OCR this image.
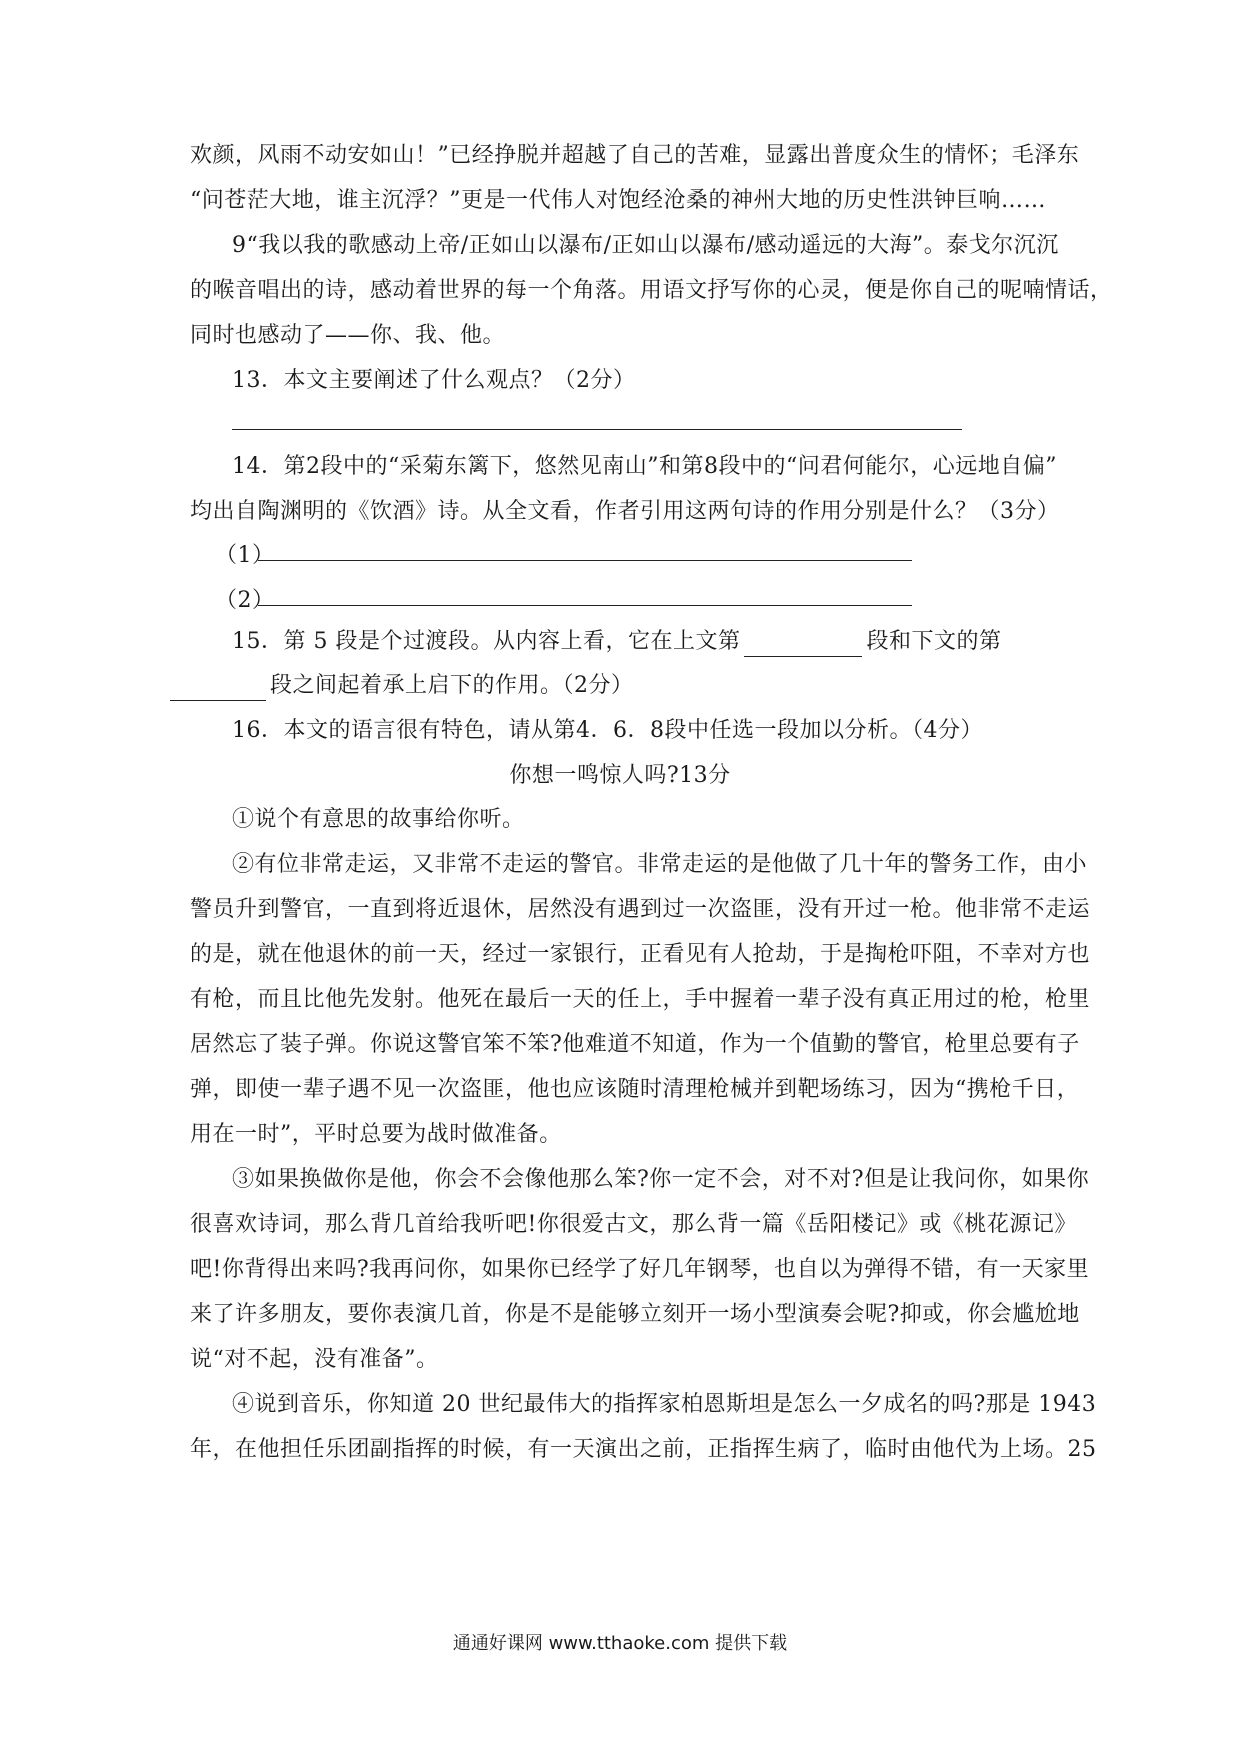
欢颜，风雨不动安如山！”已经挣脱并超越了自己的苦难，显露出普度众生的情怀；毛泽东
“问苍茫大地，谁主沉浮？”更是一代伟人对饱经沧桑的神州大地的历史性洪钟巨响……
9“我以我的歌感动上帝/正如山以瀑布/正如山以瀑布/感动遥远的大海”。泰戈尔沉沉
的喉音唱出的诗，感动着世界的每一个角落。用语文抒写你的心灵，便是你自己的呢喃情话，
同时也感动了——你、我、他。
13．本文主要阐述了什么观点？（2分）
14．第2段中的“采菊东篱下，悠然见南山”和第8段中的“问君何能尔，心远地自偏”
均出自陶渊明的《饮酒》诗。从全文看，作者引用这两句诗的作用分别是什么？（3分）
（1）
（2）
15．第 5 段是个过渡段。从内容上看，它在上文第	段和下文的第
段之间起着承上启下的作用。（2分）
16．本文的语言很有特色，请从第4．6．8段中任选一段加以分析。（4分）
你想一鸣惊人吗?13分
①说个有意思的故事给你听。
②有位非常走运，又非常不走运的警官。非常走运的是他做了几十年的警务工作，由小
警员升到警官，一直到将近退休，居然没有遇到过一次盗匪，没有开过一枪。他非常不走运
的是，就在他退休的前一天，经过一家银行，正看见有人抢劫，于是掏枪吓阻，不幸对方也
有枪，而且比他先发射。他死在最后一天的任上，手中握着一辈子没有真正用过的枪，枪里
居然忘了装子弹。你说这警官笨不笨?他难道不知道，作为一个值勤的警官，枪里总要有子
弹，即使一辈子遇不见一次盗匪，他也应该随时清理枪械并到靶场练习，因为“携枪千日，
用在一时”，平时总要为战时做准备。
③如果换做你是他，你会不会像他那么笨?你一定不会，对不对?但是让我问你，如果你
很喜欢诗词，那么背几首给我听吧!你很爱古文，那么背一篇《岳阳楼记》或《桃花源记》
吧!你背得出来吗?我再问你，如果你已经学了好几年钢琴，也自以为弹得不错，有一天家里
来了许多朋友，要你表演几首，你是不是能够立刻开一场小型演奏会呢?抑或，你会尴尬地
说“对不起，没有准备”。
④说到音乐，你知道 20 世纪最伟大的指挥家柏恩斯坦是怎么一夕成名的吗?那是 1943
年，在他担任乐团副指挥的时候，有一天演出之前，正指挥生病了，临时由他代为上场。25
通通好课网 www.tthaoke.com 提供下载
